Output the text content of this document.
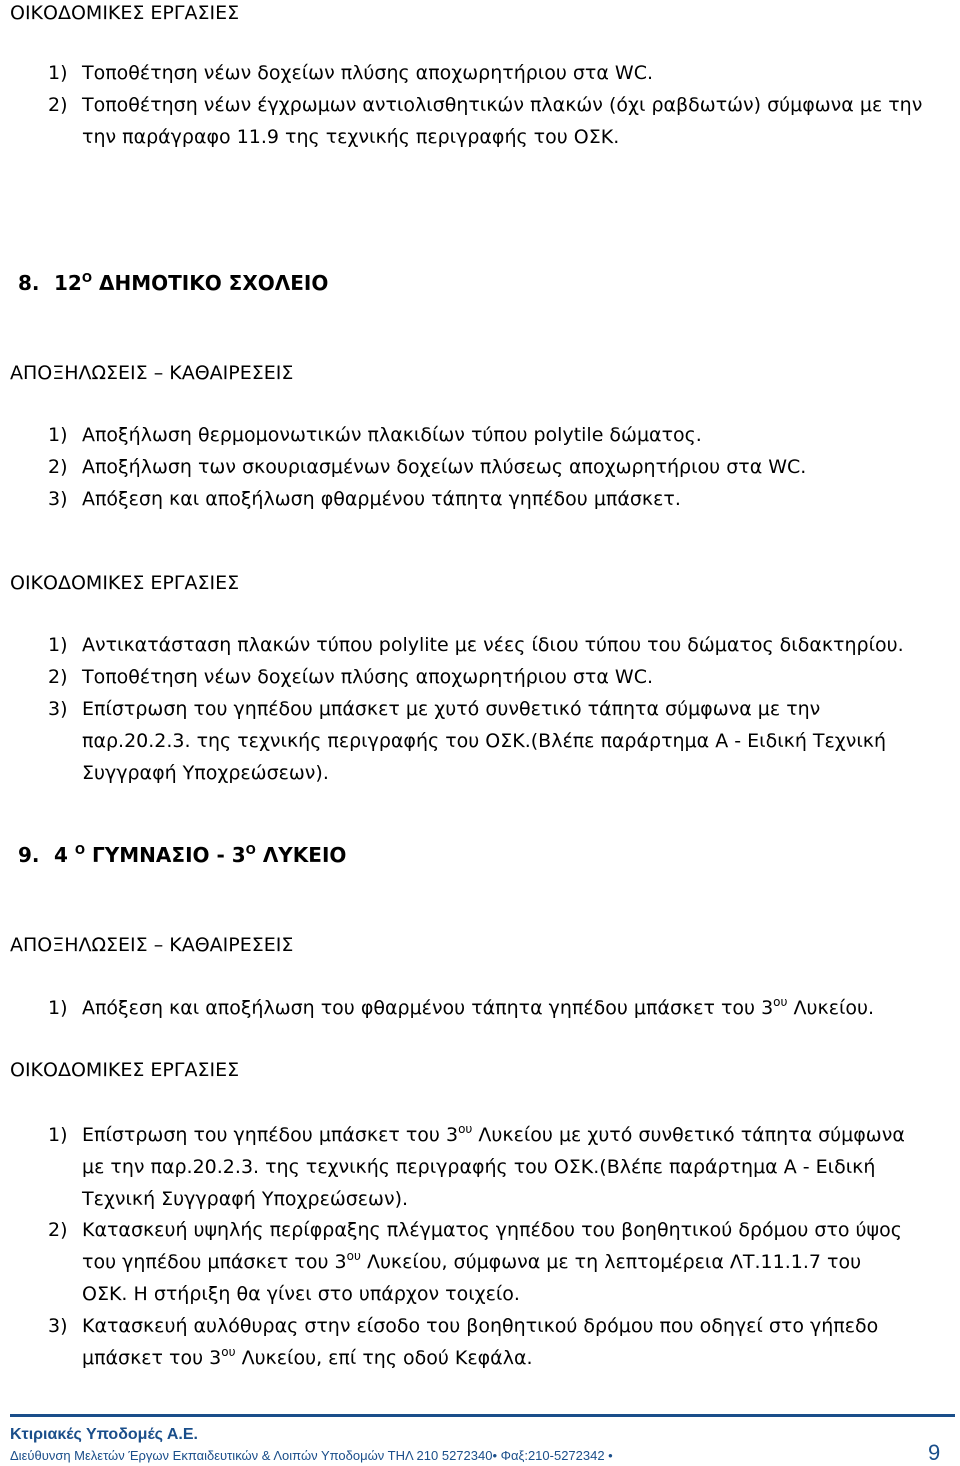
ΟΙΚΟΔΟΜΙΚΕΣ ΕΡΓΑΣΙΕΣ
1) Τοποθέτηση νέων δοχείων πλύσης αποχωρητήριου στα WC.
2) Τοποθέτηση νέων έγχρωμων αντιολισθητικών πλακών (όχι ραβδωτών) σύμφωνα με την
την παράγραφο 11.9 της τεχνικής περιγραφής του ΟΣΚ.
8. $12^O$ ΔΗΜΟΤΙΚΟ ΣΧΟΛΕΙΟ
ΑΠΟΞΗΛΩΣΕΙΣ – ΚΑΘΑΙΡΕΣΕΙΣ
1) Αποξήλωση θερμομονωτικών πλακιδίων τύπου polytile δώματος.
2) Αποξήλωση των σκουριασμένων δοχείων πλύσεως αποχωρητήριου στα WC.
3) Απόξεση και αποξήλωση φθαρμένου τάπητα γηπέδου μπάσκετ.
ΟΙΚΟΔΟΜΙΚΕΣ ΕΡΓΑΣΙΕΣ
1) Αντικατάσταση πλακών τύπου polylite με νέες ίδιου τύπου του δώματος διδακτηρίου.
2) Τοποθέτηση νέων δοχείων πλύσης αποχωρητήριου στα WC.
3) Επίστρωση του γηπέδου μπάσκετ με χυτό συνθετικό τάπητα σύμφωνα με την
παρ.20.2.3. της τεχνικής περιγραφής του ΟΣΚ.(Βλέπε παράρτημα Α - Ειδική Τεχνική
Συγγραφή Υποχρεώσεων).
9. 4 $^O$ ΓΥΜΝΑΣΙΟ - $3^O$ ΛΥΚΕΙΟ
ΑΠΟΞΗΛΩΣΕΙΣ – ΚΑΘΑΙΡΕΣΕΙΣ
1) Απόξεση και αποξήλωση του φθαρμένου τάπητα γηπέδου μπάσκετ του $3^{o\upsilon}$ Λυκείου.
ΟΙΚΟΔΟΜΙΚΕΣ ΕΡΓΑΣΙΕΣ
1) Επίστρωση του γηπέδου μπάσκετ του $3^{o\upsilon}$ Λυκείου με χυτό συνθετικό τάπητα σύμφωνα
με την παρ.20.2.3. της τεχνικής περιγραφής του ΟΣΚ.(Βλέπε παράρτημα Α - Ειδική
Τεχνική Συγγραφή Υποχρεώσεων).
2) Κατασκευή υψηλής περίφραξης πλέγματος γηπέδου του βοηθητικού δρόμου στο ύψος
του γηπέδου μπάσκετ του $3^{o\upsilon}$ Λυκείου, σύμφωνα με τη λεπτομέρεια ΛΤ.11.1.7 του
ΟΣΚ. Η στήριξη θα γίνει στο υπάρχον τοιχείο.
3) Κατασκευή αυλόθυρας στην είσοδο του βοηθητικού δρόμου που οδηγεί στο γήπεδο
μπάσκετ του $3^{o\upsilon}$ Λυκείου, επί της οδού Κεφάλα.
Κτιριακές Υποδομές Α.Ε.
Διεύθυνση Μελετών Έργων Εκπαιδευτικών & Λοιπών Υποδομών ΤΗΛ 210 5272340• Φαξ:210-5272342 •	9
